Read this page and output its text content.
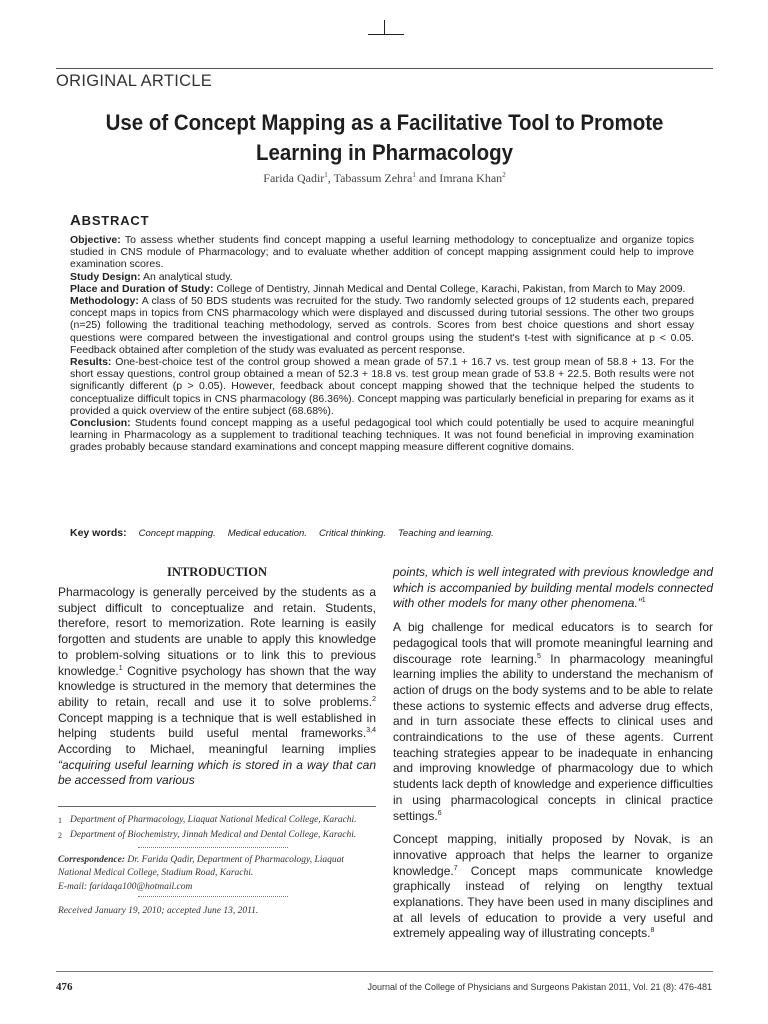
ORIGINAL ARTICLE
Use of Concept Mapping as a Facilitative Tool to Promote
Learning in Pharmacology
Farida Qadir$^1$, Tabassum Zehra$^1$ and Imrana Khan$^2$
ABSTRACT

Objective: To assess whether students find concept mapping a useful learning methodology to conceptualize and organize topics studied in CNS module of Pharmacology; and to evaluate whether addition of concept mapping assignment could help to improve examination scores.

Study Design: An analytical study.

Place and Duration of Study: College of Dentistry, Jinnah Medical and Dental College, Karachi, Pakistan, from March to May 2009.

Methodology: A class of 50 BDS students was recruited for the study. Two randomly selected groups of 12 students each, prepared concept maps in topics from CNS pharmacology which were displayed and discussed during tutorial sessions. The other two groups (n=25) following the traditional teaching methodology, served as controls. Scores from best choice questions and short essay questions were compared between the investigational and control groups using the student's t-test with significance at p < 0.05. Feedback obtained after completion of the study was evaluated as percent response.

Results: One-best-choice test of the control group showed a mean grade of 57.1 + 16.7 vs. test group mean of 58.8 + 13. For the short essay questions, control group obtained a mean of 52.3 + 18.8 vs. test group mean grade of 53.8 + 22.5. Both results were not significantly different (p > 0.05). However, feedback about concept mapping showed that the technique helped the students to conceptualize difficult topics in CNS pharmacology (86.36%). Concept mapping was particularly beneficial in preparing for exams as it provided a quick overview of the entire subject (68.68%).

Conclusion: Students found concept mapping as a useful pedagogical tool which could potentially be used to acquire meaningful learning in Pharmacology as a supplement to traditional teaching techniques. It was not found beneficial in improving examination grades probably because standard examinations and concept mapping measure different cognitive domains.

Key words: Concept mapping. Medical education. Critical thinking. Teaching and learning.
INTRODUCTION

Pharmacology is generally perceived by the students as a subject difficult to conceptualize and retain. Students, therefore, resort to memorization. Rote learning is easily forgotten and students are unable to apply this knowledge to problem-solving situations or to link this to previous knowledge.$^1$ Cognitive psychology has shown that the way knowledge is structured in the memory that determines the ability to retain, recall and use it to solve problems.$^2$ Concept mapping is a technique that is well established in helping students build useful mental frameworks.$^{3,4}$ According to Michael, meaningful learning implies “acquiring useful learning which is stored in a way that can be accessed from various

1 Department of Pharmacology, Liaquat National Medical College, Karachi.
2 Department of Biochemistry, Jinnah Medical and Dental College, Karachi.
Correspondence: Dr. Farida Qadir, Department of Pharmacology, Liaquat National Medical College, Stadium Road, Karachi.
E-mail: faridaqa100@hotmail.com
Received January 19, 2010; accepted June 13, 2011.

points, which is well integrated with previous knowledge and which is accompanied by building mental models connected with other models for many other phenomena.”$^1$

A big challenge for medical educators is to search for pedagogical tools that will promote meaningful learning and discourage rote learning.$^5$ In pharmacology meaningful learning implies the ability to understand the mechanism of action of drugs on the body systems and to be able to relate these actions to systemic effects and adverse drug effects, and in turn associate these effects to clinical uses and contraindications to the use of these agents. Current teaching strategies appear to be inadequate in enhancing and improving knowledge of pharmacology due to which students lack depth of knowledge and experience difficulties in using pharmacological concepts in clinical practice settings.$^6$

Concept mapping, initially proposed by Novak, is an innovative approach that helps the learner to organize knowledge.$^7$ Concept maps communicate knowledge graphically instead of relying on lengthy textual explanations. They have been used in many disciplines and at all levels of education to provide a very useful and extremely appealing way of illustrating concepts.$^8$

476	Journal of the College of Physicians and Surgeons Pakistan 2011, Vol. 21 (8): 476-481
